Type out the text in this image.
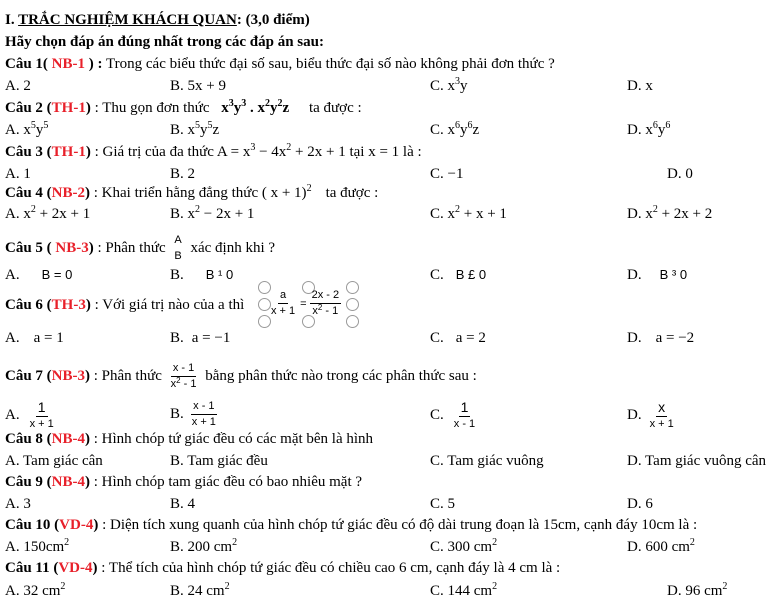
I. TRẮC NGHIỆM KHÁCH QUAN: (3,0 điểm)
Hãy chọn đáp án đúng nhất trong các đáp án sau:
Câu 1( NB-1 ) : Trong các biểu thức đại số sau, biểu thức đại số nào không phải đơn thức ?
A. 2	B. 5x + 9	C. $x^3y$	D. x
Câu 2 (TH-1) : Thu gọn đơn thức $x^3y^3$ . $x^2y^2z$ ta được :
A. $x^5y^5$	B. $x^5y^5z$	C. $x^6y^6z$	D. $x^6y^6$
Câu 3 (TH-1) : Giá trị của đa thức $A = x^3 - 4x^2 + 2x + 1$ tại x = 1 là :
A. 1	B. 2	C. −1	D. 0
Câu 4 (NB-2) : Khai triển hằng đẳng thức ( x + 1)$^2$ ta được :
A. $x^2 + 2x + 1$	B. $x^2 - 2x + 1$	C. $x^2 + x + 1$	D. $x^2 + 2x + 2$
Câu 5 ( NB-3) : Phân thức $\frac{A}{B}$ xác định khi ?
A. B = 0	B. B ¹ 0	C. B £ 0	D. B ³ 0
Câu 6 (TH-3) : Với giá trị nào của a thì $\frac{a}{x + 1} = \frac{2x - 2}{x^2 - 1}$
A. a = 1	B. a = −1	C. a = 2	D. a = −2
Câu 7 (NB-3) : Phân thức $\frac{x - 1}{x^2 - 1}$ bằng phân thức nào trong các phân thức sau :
A. $\frac{1}{x + 1}$	B. $\frac{x - 1}{x + 1}$	C. $\frac{1}{x - 1}$	D. $\frac{x}{x + 1}$
Câu 8 (NB-4) : Hình chóp tứ giác đều có các mặt bên là hình
A. Tam giác cân	B. Tam giác đều	C. Tam giác vuông	D. Tam giác vuông cân
Câu 9 (NB-4) : Hình chóp tam giác đều có bao nhiêu mặt ?
A. 3	B. 4	C. 5	D. 6
Câu 10 (VD-4) : Diện tích xung quanh của hình chóp tứ giác đều có độ dài trung đoạn là 15cm, cạnh đáy 10cm là :
A. $150cm^2$	B. 200 $cm^2$	C. 300 $cm^2$	D. 600 $cm^2$
Câu 11 (VD-4) : Thể tích của hình chóp tứ giác đều có chiều cao 6 cm, cạnh đáy là 4 cm là :
A. 32 $cm^2$	B. 24 $cm^2$	C. 144 $cm^2$	D. 96 $cm^2$
